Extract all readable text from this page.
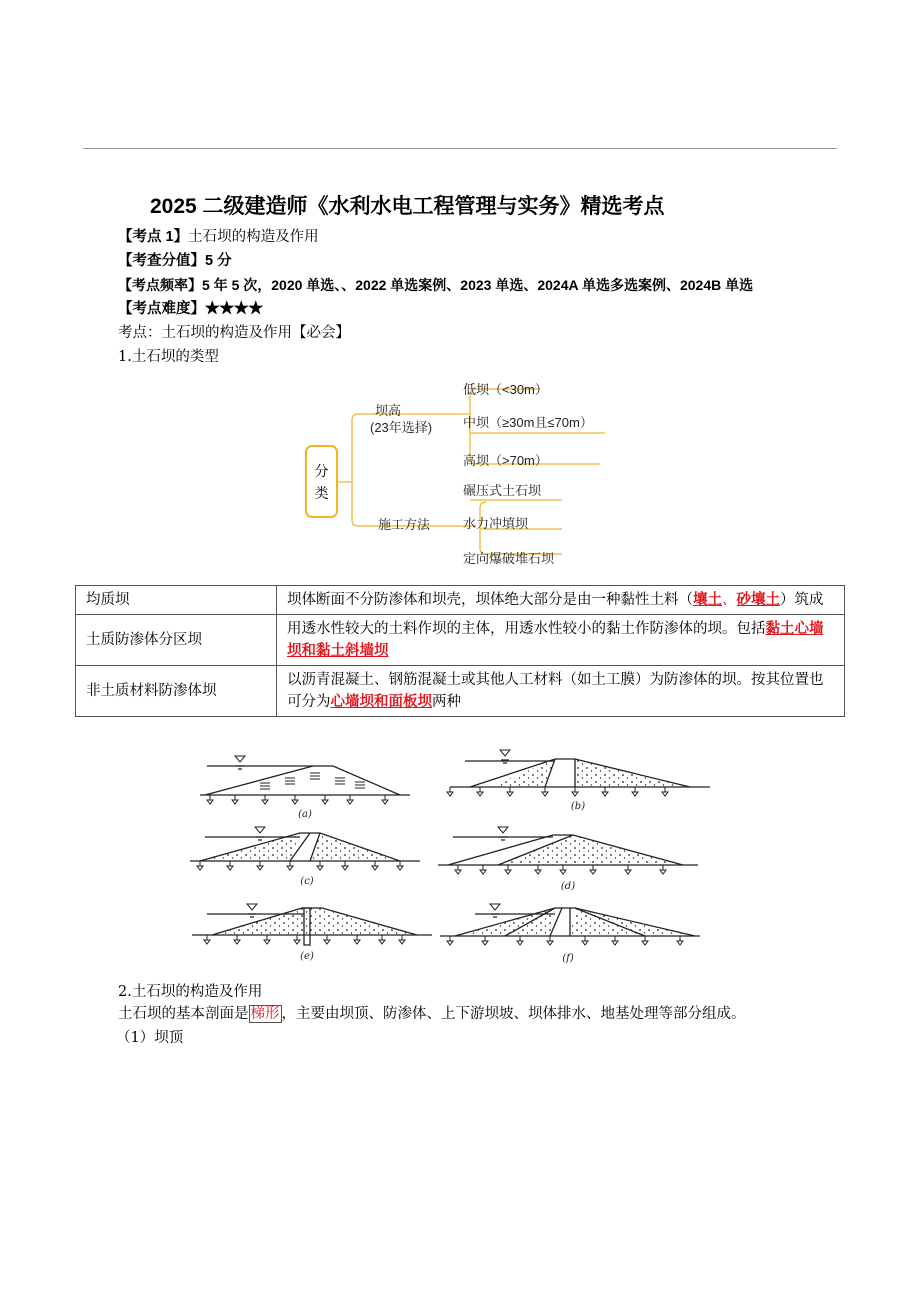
2025 二级建造师《水利水电工程管理与实务》精选考点
【考点 1】土石坝的构造及作用
【考查分值】5 分
【考点频率】5 年 5 次，2020 单选、、2022 单选案例、2023 单选、2024A 单选多选案例、2024B 单选
【考点难度】★★★★
考点：土石坝的构造及作用【必会】
1.土石坝的类型
分
类
坝高
(23年选择)
低坝（<30m）
中坝（≥30m且≤70m）
高坝（>70m）
施工方法
碾压式土石坝
水力冲填坝
定向爆破堆石坝
均质坝	坝体断面不分防渗体和坝壳，坝体绝大部分是由一种黏性土料（壤土、砂壤土）筑成
土质防渗体分区坝	用透水性较大的土料作坝的主体，用透水性较小的黏土作防渗体的坝。包括黏土心墙坝和黏土斜墙坝
非土质材料防渗体坝	以沥青混凝土、钢筋混凝土或其他人工材料（如土工膜）为防渗体的坝。按其位置也可分为心墙坝和面板坝两种
(a)
(b)
(c)	(d)
(e)	(f)
2.土石坝的构造及作用
土石坝的基本剖面是 梯形 ，主要由坝顶、防渗体、上下游坝坡、坝体排水、地基处理等部分组成。
（1）坝顶
